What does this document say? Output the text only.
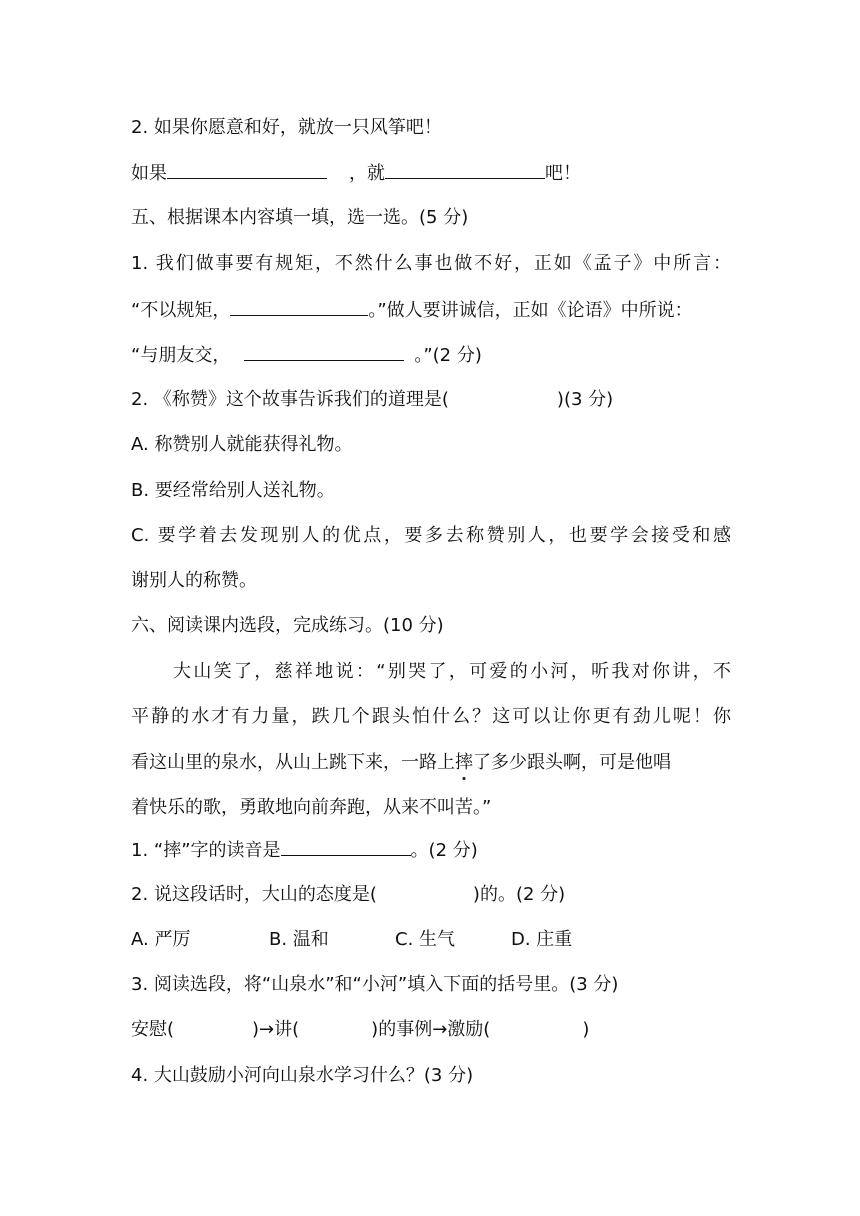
2. 如果你愿意和好，就放一只风筝吧！
如果	，就	吧！
五、根据课本内容填一填，选一选。(5 分)
1. 我们做事要有规矩，不然什么事也做不好，正如《孟子》中所言：
“不以规矩，	。”做人要讲诚信，正如《论语》中所说：
“与朋友交，	。”(2 分)
2. 《称赞》这个故事告诉我们的道理是(	)(3 分)
A. 称赞别人就能获得礼物。
B. 要经常给别人送礼物。
C. 要学着去发现别人的优点，要多去称赞别人，也要学会接受和感
谢别人的称赞。
六、阅读课内选段，完成练习。(10 分)
大山笑了，慈祥地说：“别哭了，可爱的小河，听我对你讲，不
平静的水才有力量，跌几个跟头怕什么？这可以让你更有劲儿呢！你
看这山里的泉水，从山上跳下来，一路上摔了多少跟头啊，可是他唱
着快乐的歌，勇敢地向前奔跑，从来不叫苦。”
1. “摔”字的读音是	。(2 分)
2. 说这段话时，大山的态度是(	)的。(2 分)
A. 严厉	B. 温和	C. 生气	D. 庄重
3. 阅读选段，将“山泉水”和“小河”填入下面的括号里。(3 分)
安慰(	)→讲(	)的事例→激励(	)
4. 大山鼓励小河向山泉水学习什么？(3 分)
